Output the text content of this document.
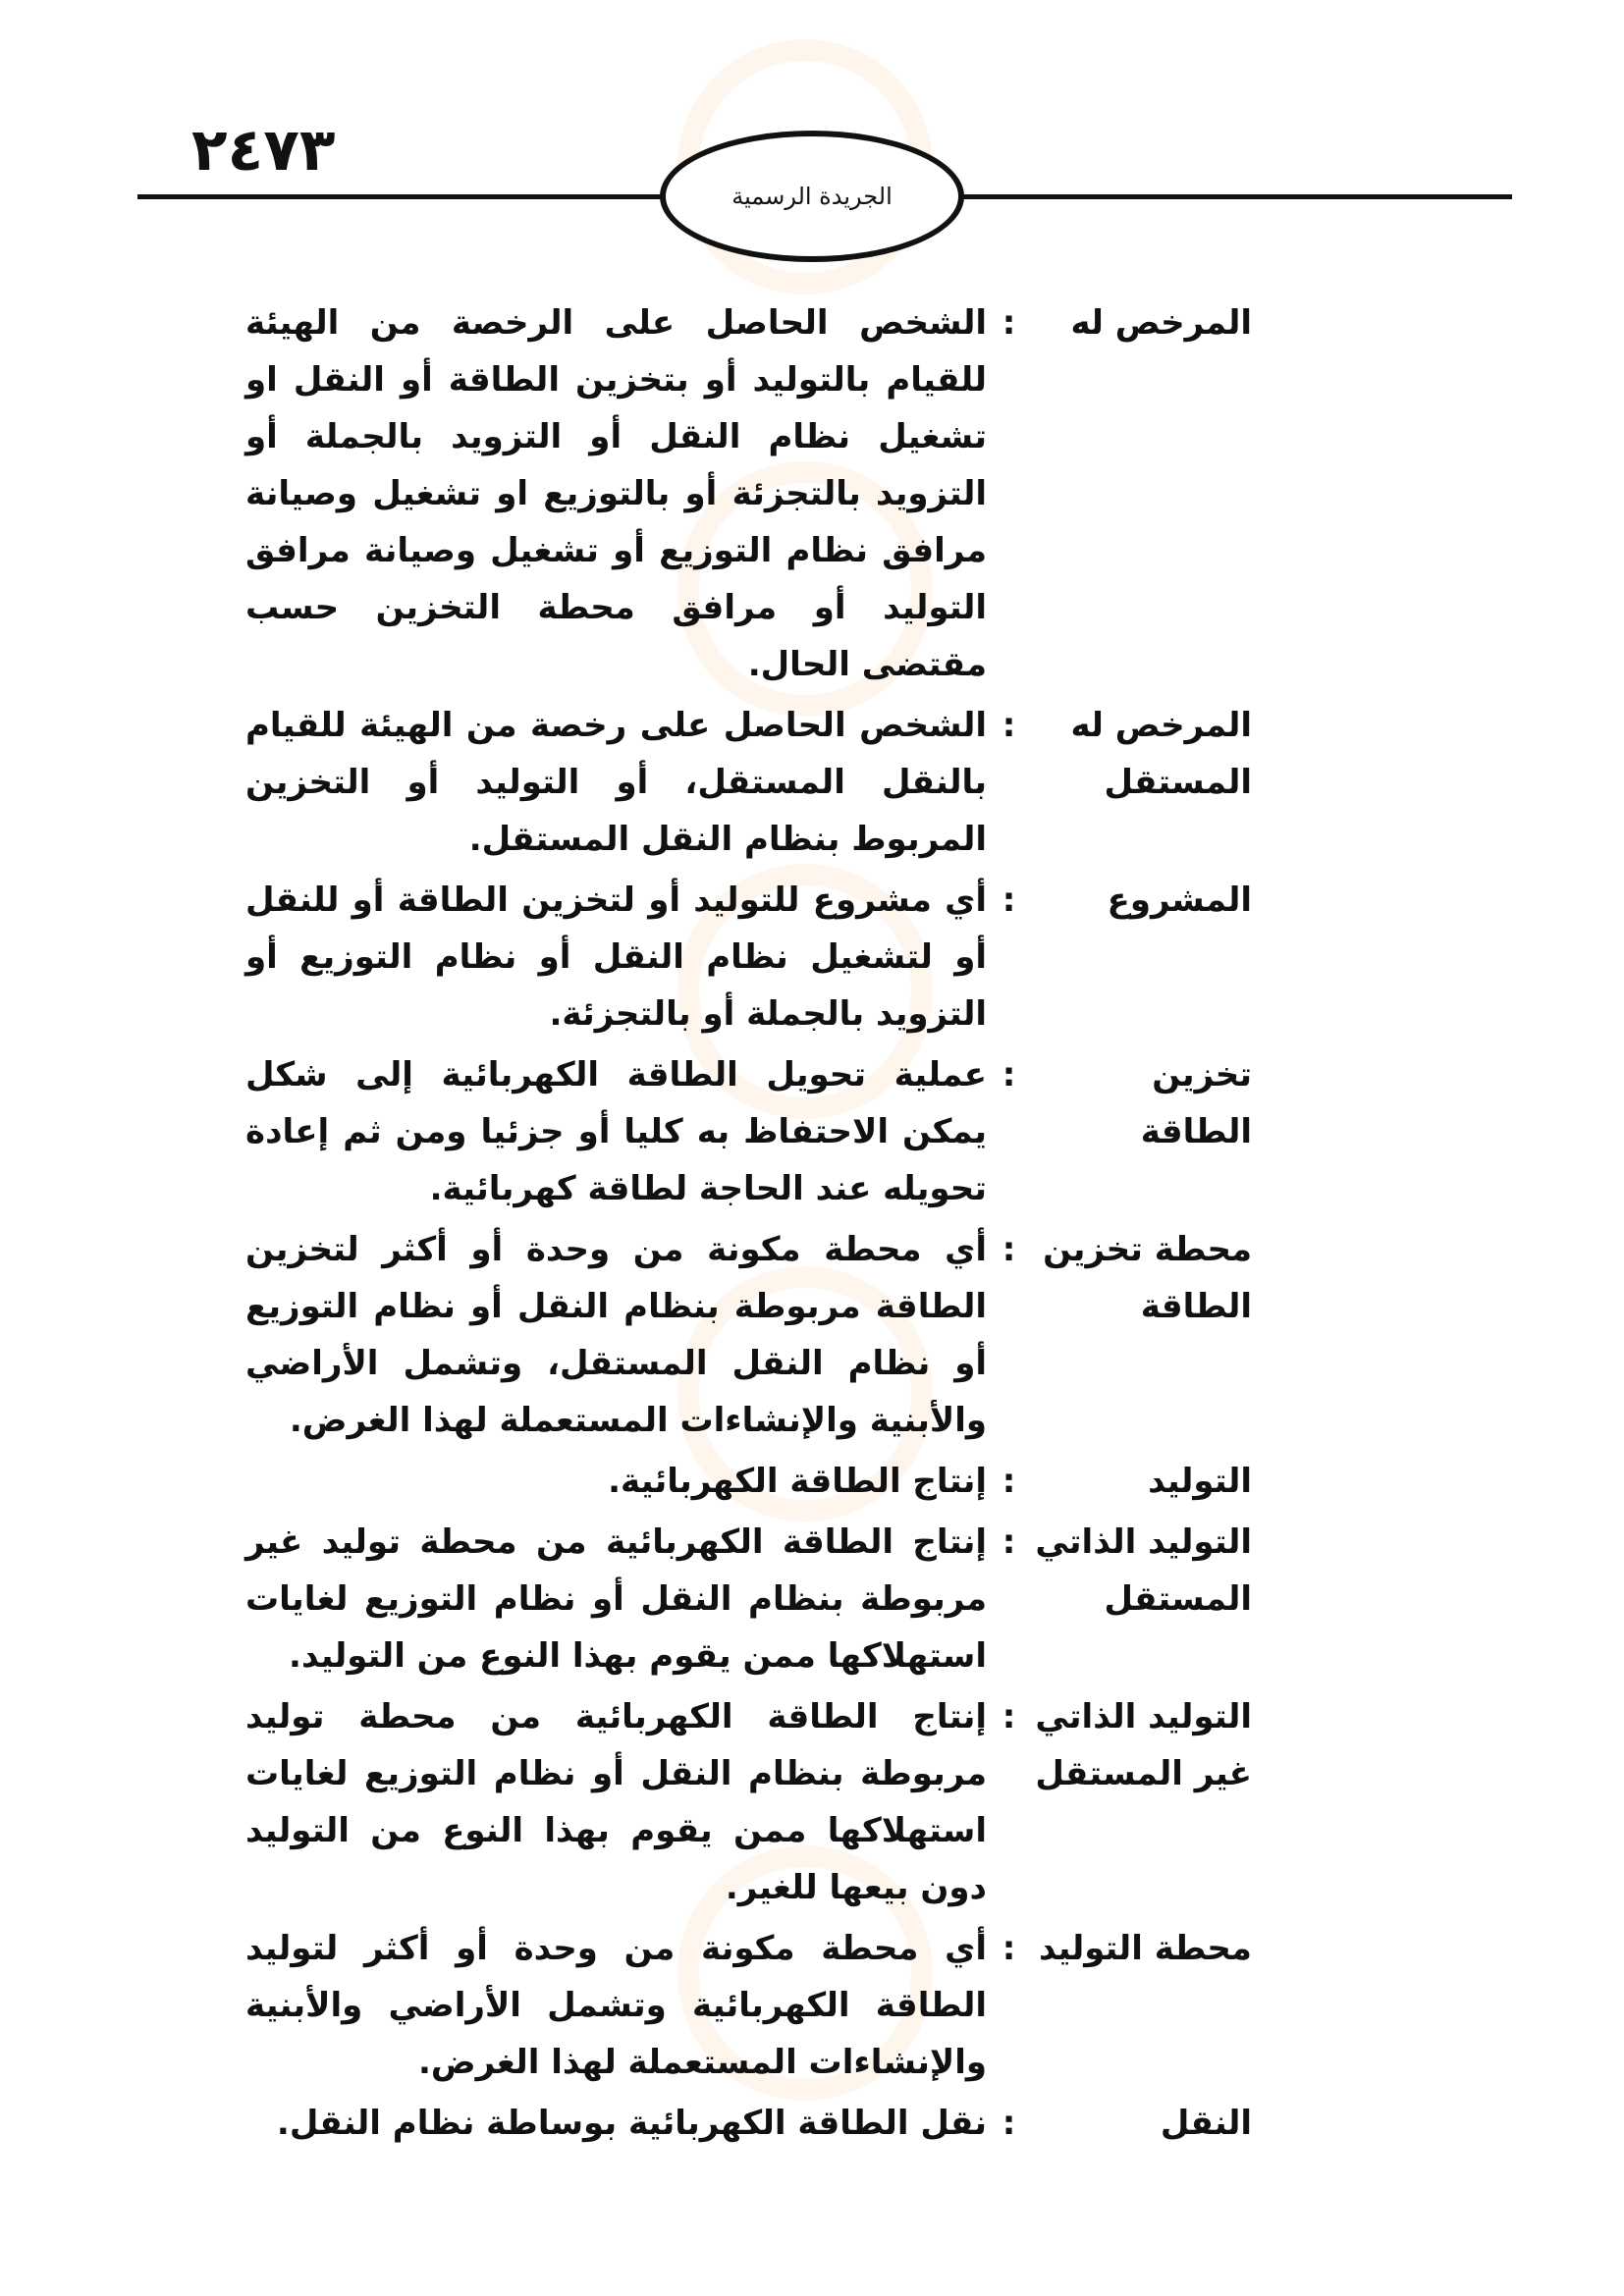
٢٤٧٣
الجريدة الرسمية
المرخص له
:
الشخص الحاصل على الرخصة من الهيئة للقيام بالتوليد أو بتخزين الطاقة أو النقل او تشغيل نظام النقل أو التزويد بالجملة أو التزويد بالتجزئة أو بالتوزيع او تشغيل وصيانة مرافق نظام التوزيع أو تشغيل وصيانة مرافق التوليد أو مرافق محطة التخزين حسب مقتضى الحال.
المرخص له المستقل
:
الشخص الحاصل على رخصة من الهيئة للقيام بالنقل المستقل، أو التوليد أو التخزين المربوط بنظام النقل المستقل.
المشروع
:
أي مشروع للتوليد أو لتخزين الطاقة أو للنقل أو لتشغيل نظام النقل أو نظام التوزيع أو التزويد بالجملة أو بالتجزئة.
تخزين الطاقة
:
عملية تحويل الطاقة الكهربائية إلى شكل يمكن الاحتفاظ به كليا أو جزئيا ومن ثم إعادة تحويله عند الحاجة لطاقة كهربائية.
محطة تخزين الطاقة
:
أي محطة مكونة من وحدة أو أكثر لتخزين الطاقة مربوطة بنظام النقل أو نظام التوزيع أو نظام النقل المستقل، وتشمل الأراضي والأبنية والإنشاءات المستعملة لهذا الغرض.
التوليد
:
إنتاج الطاقة الكهربائية.
التوليد الذاتي المستقل
:
إنتاج الطاقة الكهربائية من محطة توليد غير مربوطة بنظام النقل أو نظام التوزيع لغايات استهلاكها ممن يقوم بهذا النوع من التوليد.
التوليد الذاتي غير المستقل
:
إنتاج الطاقة الكهربائية من محطة توليد مربوطة بنظام النقل أو نظام التوزيع لغايات استهلاكها ممن يقوم بهذا النوع من التوليد دون بيعها للغير.
محطة التوليد
:
أي محطة مكونة من وحدة أو أكثر لتوليد الطاقة الكهربائية وتشمل الأراضي والأبنية والإنشاءات المستعملة لهذا الغرض.
النقل
:
نقل الطاقة الكهربائية بوساطة نظام النقل.
